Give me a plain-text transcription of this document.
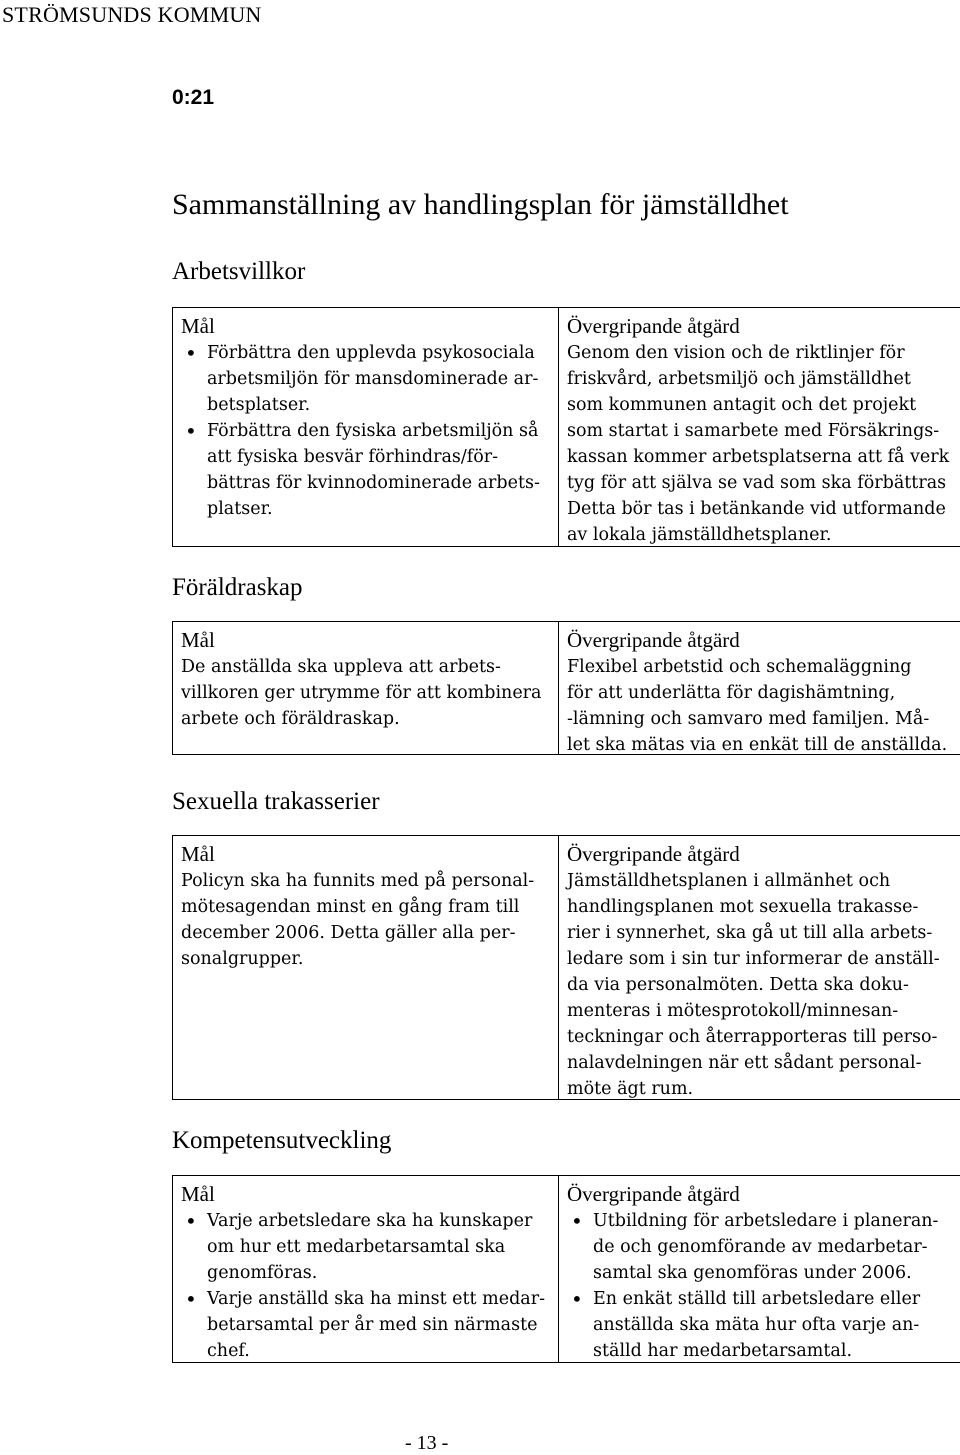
STRÖMSUNDS KOMMUN
0:21
Sammanställning av handlingsplan för jämställdhet
Arbetsvillkor
Mål
• Förbättra den upplevda psykosociala
arbetsmiljön för mansdominerade ar-
betsplatser.
• Förbättra den fysiska arbetsmiljön så
att fysiska besvär förhindras/för-
bättras för kvinnodominerade arbets-
platser.
Övergripande åtgärd
Genom den vision och de riktlinjer för
friskvård, arbetsmiljö och jämställdhet
som kommunen antagit och det projekt
som startat i samarbete med Försäkrings-
kassan kommer arbetsplatserna att få verk
tyg för att själva se vad som ska förbättras
Detta bör tas i betänkande vid utformande
av lokala jämställdhetsplaner.
Föräldraskap
Mål
De anställda ska uppleva att arbets-
villkoren ger utrymme för att kombinera
arbete och föräldraskap.
Övergripande åtgärd
Flexibel arbetstid och schemaläggning
för att underlätta för dagishämtning,
-lämning och samvaro med familjen. Må-
let ska mätas via en enkät till de anställda.
Sexuella trakasserier
Mål
Policyn ska ha funnits med på personal-
mötesagendan minst en gång fram till
december 2006. Detta gäller alla per-
sonalgrupper.
Övergripande åtgärd
Jämställdhetsplanen i allmänhet och
handlingsplanen mot sexuella trakasse-
rier i synnerhet, ska gå ut till alla arbets-
ledare som i sin tur informerar de anställ-
da via personalmöten. Detta ska doku-
menteras i mötesprotokoll/minnesan-
teckningar och återrapporteras till perso-
nalavdelningen när ett sådant personal-
möte ägt rum.
Kompetensutveckling
Mål
• Varje arbetsledare ska ha kunskaper
om hur ett medarbetarsamtal ska
genomföras.
• Varje anställd ska ha minst ett medar-
betarsamtal per år med sin närmaste
chef.
Övergripande åtgärd
• Utbildning för arbetsledare i planeran-
de och genomförande av medarbetar-
samtal ska genomföras under 2006.
• En enkät ställd till arbetsledare eller
anställda ska mäta hur ofta varje an-
ställd har medarbetarsamtal.
- 13 -
